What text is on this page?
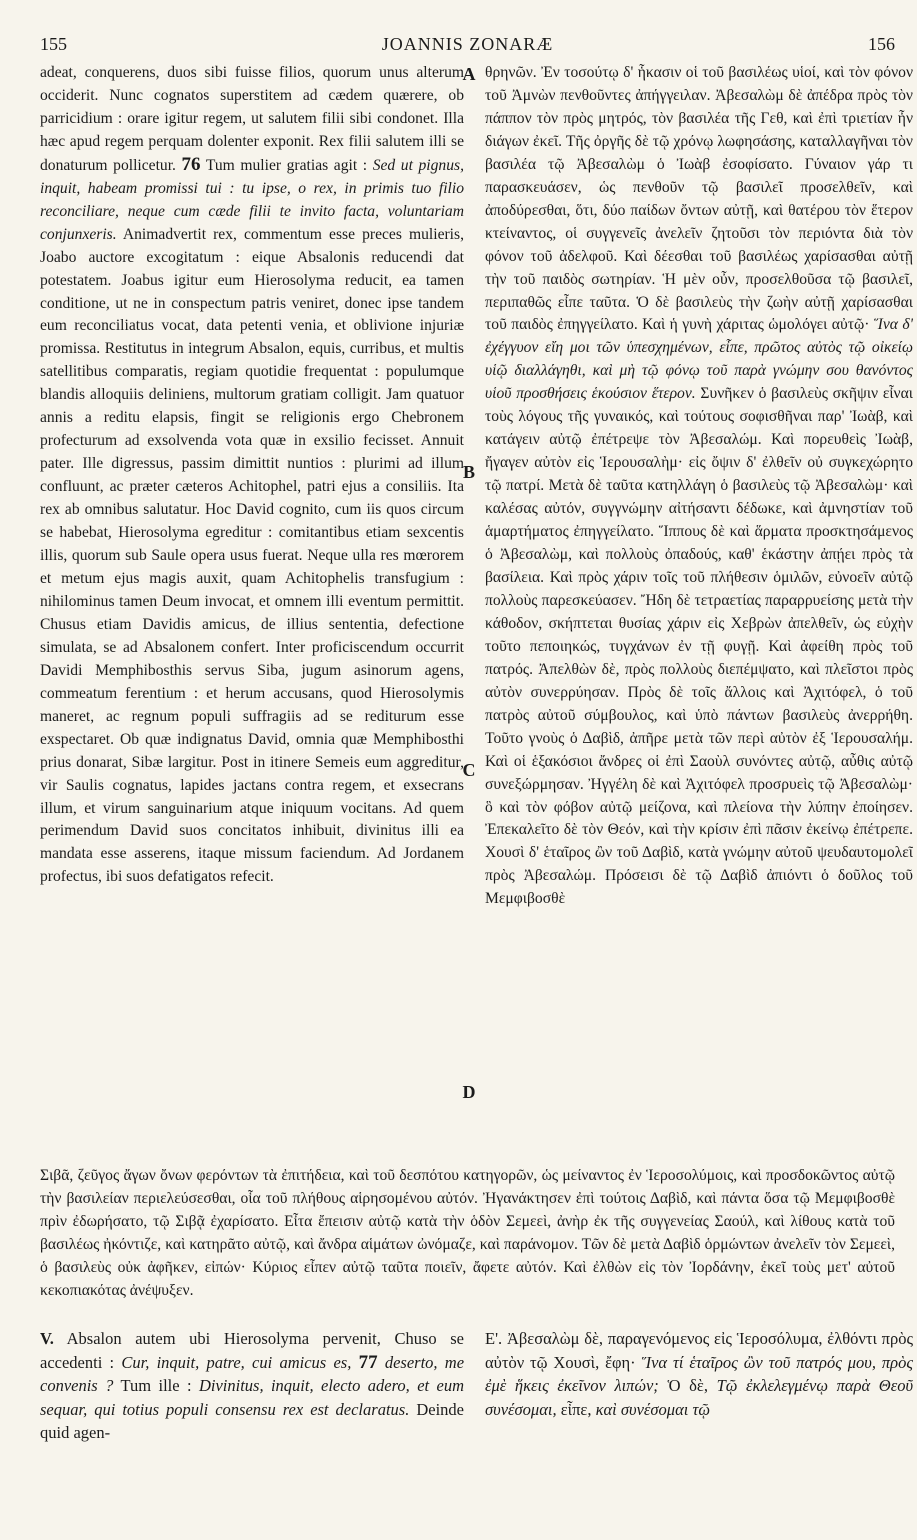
155	JOANNIS ZONARÆ	156

adeat, conquerens, duos sibi fuisse filios, quorum unus alterum occiderit. Nunc cognatos superstitem ad cædem quærere, ob parricidium : orare igitur regem, ut salutem filii sibi condonet. Illa hæc apud regem perquam dolenter exponit. Rex filii salutem illi se donaturum pollicetur. 76 Tum mulier gratias agit : Sed ut pignus, inquit, habeam promissi tui : tu ipse, o rex, in primis tuo filio reconciliare, neque cum cæde filii te invito facta, voluntariam conjunxeris. Animadvertit rex, commentum esse preces mulieris, Joabo auctore excogitatum : eique Absalonis reducendi dat potestatem. Joabus igitur eum Hierosolyma reducit, ea tamen conditione, ut ne in conspectum patris veniret, donec ipse tandem eum reconciliatus vocat, data petenti venia, et oblivione injuriæ promissa. Restitutus in integrum Absalon, equis, curribus, et multis satellitibus comparatis, regiam quotidie frequentat : populumque blandis alloquiis deliniens, multorum gratiam colligit. Jam quatuor annis a reditu elapsis, fingit se religionis ergo Chebronem profecturum ad exsolvenda vota quæ in exsilio fecisset. Annuit pater. Ille digressus, passim dimittit nuntios : plurimi ad illum confluunt, ac præter cæteros Achitophel, patri ejus a consiliis. Ita rex ab omnibus salutatur. Hoc David cognito, cum iis quos circum se habebat, Hierosolyma egreditur : comitantibus etiam sexcentis illis, quorum sub Saule opera usus fuerat. Neque ulla res mœrorem et metum ejus magis auxit, quam Achitophelis transfugium : nihilominus tamen Deum invocat, et omnem illi eventum permittit. Chusus etiam Davidis amicus, de illius sententia, defectione simulata, se ad Absalonem confert. Inter proficiscendum occurrit Davidi Memphibosthis servus Siba, jugum asinorum agens, commeatum ferentium : et herum accusans, quod Hierosolymis maneret, ac regnum populi suffragiis ad se rediturum esse exspectaret. Ob quæ indignatus David, omnia quæ Memphibosthi prius donarat, Sibæ largitur. Post in itinere Semeis eum aggreditur, vir Saulis cognatus, lapides jactans contra regem, et exsecrans illum, et virum sanguinarium atque iniquum vocitans. Ad quem perimendum David suos concitatos inhibuit, divinitus illi ea mandata esse asserens, itaque missum faciendum. Ad Jordanem profectus, ibi suos defatigatos refecit.

A
B
C
D

θρηνῶν. Ἐν τοσούτῳ δ' ἧκασιν οἱ τοῦ βασιλέως υἱοί, καὶ τὸν φόνον τοῦ Ἀμνὼν πενθοῦντες ἀπήγγειλαν. Ἀβεσαλὼμ δὲ ἀπέδρα πρὸς τὸν πάππον τὸν πρὸς μητρός, τὸν βασιλέα τῆς Γεθ, καὶ ἐπὶ τριετίαν ἦν διάγων ἐκεῖ. Τῆς ὀργῆς δὲ τῷ χρόνῳ λωφησάσης, καταλλαγῆναι τὸν βασιλέα τῷ Ἀβεσαλὼμ ὁ Ἰωὰβ ἐσοφίσατο. Γύναιον γάρ τι παρασκευάσεν, ὡς πενθοῦν τῷ βασιλεῖ προσελθεῖν, καὶ ἀποδύρεσθαι, ὅτι, δύο παίδων ὄντων αὐτῇ, καὶ θατέρου τὸν ἕτερον κτείναντος, οἱ συγγενεῖς ἀνελεῖν ζητοῦσι τὸν περιόντα διὰ τὸν φόνον τοῦ ἀδελφοῦ. Καὶ δέεσθαι τοῦ βασιλέως χαρίσασθαι αὐτῇ τὴν τοῦ παιδὸς σωτηρίαν. Ἡ μὲν οὖν, προσελθοῦσα τῷ βασιλεῖ, περιπαθῶς εἶπε ταῦτα. Ὁ δὲ βασιλεὺς τὴν ζωὴν αὐτῇ χαρίσασθαι τοῦ παιδὸς ἐπηγγείλατο. Καὶ ἡ γυνὴ χάριτας ὡμολόγει αὐτῷ· Ἵνα δ' ἐχέγγυον εἴη μοι τῶν ὑπεσχημένων, εἶπε, πρῶτος αὐτὸς τῷ οἰκείῳ υἱῷ διαλλάγηθι, καὶ μὴ τῷ φόνῳ τοῦ παρὰ γνώμην σου θανόντος υἱοῦ προσθήσεις ἑκούσιον ἕτερον. Συνῆκεν ὁ βασιλεὺς σκῆψιν εἶναι τοὺς λόγους τῆς γυναικός, καὶ τούτους σοφισθῆναι παρ' Ἰωὰβ, καὶ κατάγειν αὐτῷ ἐπέτρεψε τὸν Ἀβεσαλώμ. Καὶ πορευθεὶς Ἰωὰβ, ἤγαγεν αὐτὸν εἰς Ἱερουσαλὴμ· εἰς ὄψιν δ' ἐλθεῖν οὐ συγκεχώρητο τῷ πατρί. Μετὰ δὲ ταῦτα κατηλλάγη ὁ βασιλεὺς τῷ Ἀβεσαλὼμ· καὶ καλέσας αὐτόν, συγγνώμην αἰτήσαντι δέδωκε, καὶ ἀμνηστίαν τοῦ ἁμαρτήματος ἐπηγγείλατο. Ἵππους δὲ καὶ ἅρματα προσκτησάμενος ὁ Ἀβεσαλὼμ, καὶ πολλοὺς ὀπαδούς, καθ' ἑκάστην ἀπῄει πρὸς τὰ βασίλεια. Καὶ πρὸς χάριν τοῖς τοῦ πλήθεσιν ὁμιλῶν, εὐνοεῖν αὐτῷ πολλοὺς παρεσκεύασεν. Ἤδη δὲ τετραετίας παραρρυείσης μετὰ τὴν κάθοδον, σκήπτεται θυσίας χάριν εἰς Χεβρὼν ἀπελθεῖν, ὡς εὐχὴν τοῦτο πεποιηκώς, τυγχάνων ἐν τῇ φυγῇ. Καὶ ἀφείθη πρὸς τοῦ πατρός. Ἀπελθὼν δὲ, πρὸς πολλοὺς διεπέμψατο, καὶ πλεῖστοι πρὸς αὐτὸν συνερρύησαν. Πρὸς δὲ τοῖς ἄλλοις καὶ Ἀχιτόφελ, ὁ τοῦ πατρὸς αὐτοῦ σύμβουλος, καὶ ὑπὸ πάντων βασιλεὺς ἀνερρήθη. Τοῦτο γνοὺς ὁ Δαβὶδ, ἀπῆρε μετὰ τῶν περὶ αὐτὸν ἐξ Ἱερουσαλήμ. Καὶ οἱ ἑξακόσιοι ἄνδρες οἱ ἐπὶ Σαοὺλ συνόντες αὐτῷ, αὖθις αὐτῷ συνεξώρμησαν. Ἠγγέλη δὲ καὶ Ἀχιτόφελ προσρυεὶς τῷ Ἀβεσαλὼμ· ὃ καὶ τὸν φόβον αὐτῷ μείζονα, καὶ πλείονα τὴν λύπην ἐποίησεν. Ἐπεκαλεῖτο δὲ τὸν Θεόν, καὶ τὴν κρίσιν ἐπὶ πᾶσιν ἐκείνῳ ἐπέτρεπε. Χουσὶ δ' ἑταῖρος ὢν τοῦ Δαβὶδ, κατὰ γνώμην αὐτοῦ ψευδαυτομολεῖ πρὸς Ἀβεσαλώμ. Πρόσεισι δὲ τῷ Δαβὶδ ἀπιόντι ὁ δοῦλος τοῦ Μεμφιβοσθὲ

Σιβᾶ, ζεῦγος ἄγων ὄνων φερόντων τὰ ἐπιτήδεια, καὶ τοῦ δεσπότου κατηγορῶν, ὡς μείναντος ἐν Ἱεροσολύμοις, καὶ προσδοκῶντος αὐτῷ τὴν βασιλείαν περιελεύσεσθαι, οἷα τοῦ πλήθους αἱρησομένου αὐτόν. Ἠγανάκτησεν ἐπὶ τούτοις Δαβὶδ, καὶ πάντα ὅσα τῷ Μεμφιβοσθὲ πρὶν ἐδωρήσατο, τῷ Σιβᾷ ἐχαρίσατο. Εἶτα ἔπεισιν αὐτῷ κατὰ τὴν ὁδὸν Σεμεεὶ, ἀνὴρ ἐκ τῆς συγγενείας Σαούλ, καὶ λίθους κατὰ τοῦ βασιλέως ἠκόντιζε, καὶ κατηρᾶτο αὐτῷ, καὶ ἄνδρα αἱμάτων ὠνόμαζε, καὶ παράνομον. Τῶν δὲ μετὰ Δαβὶδ ὁρμώντων ἀνελεῖν τὸν Σεμεεὶ, ὁ βασιλεὺς οὐκ ἀφῆκεν, εἰπών· Κύριος εἶπεν αὐτῷ ταῦτα ποιεῖν, ἄφετε αὐτόν. Καὶ ἐλθὼν εἰς τὸν Ἰορδάνην, ἐκεῖ τοὺς μετ' αὐτοῦ κεκοπιακότας ἀνέψυξεν.

V. Absalon autem ubi Hierosolyma pervenit, Chuso se accedenti : Cur, inquit, patre, cui amicus es, 77 deserto, me convenis ? Tum ille : Divinitus, inquit, electo adero, et eum sequar, qui totius populi consensu rex est declaratus. Deinde quid agen-

Ε'. Ἀβεσαλὼμ δὲ, παραγενόμενος εἰς Ἱεροσόλυμα, ἐλθόντι πρὸς αὐτὸν τῷ Χουσὶ, ἔφη· Ἵνα τί ἑταῖρος ὢν τοῦ πατρός μου, πρὸς ἐμὲ ἥκεις ἐκεῖνον λιπών; Ὁ δὲ, Τῷ ἐκλελεγμένῳ παρὰ Θεοῦ συνέσομαι, εἶπε, καὶ συνέσομαι τῷ
